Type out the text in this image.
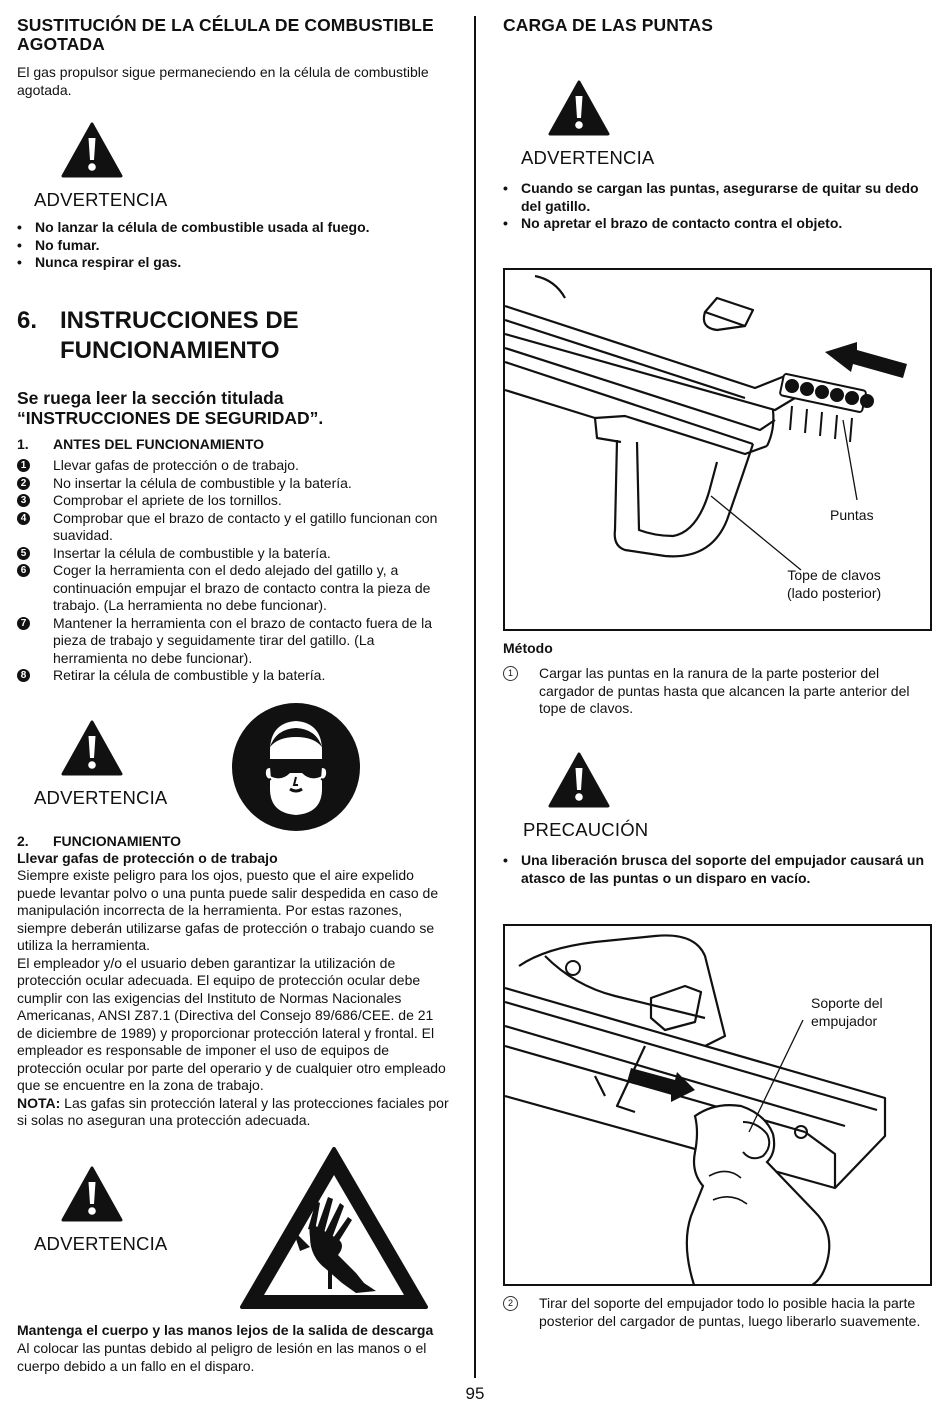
SUSTITUCIÓN DE LA CÉLULA DE COMBUSTIBLE AGOTADA
El gas propulsor sigue permaneciendo en la célula de combustible agotada.
ADVERTENCIA
• No lanzar la célula de combustible usada al fuego.
• No fumar.
• Nunca respirar el gas.
6. INSTRUCCIONES DE
FUNCIONAMIENTO
Se ruega leer la sección titulada “INSTRUCCIONES DE SEGURIDAD”.
1. ANTES DEL FUNCIONAMIENTO
1 Llevar gafas de protección o de trabajo.
2 No insertar la célula de combustible y la batería.
3 Comprobar el apriete de los tornillos.
4 Comprobar que el brazo de contacto y el gatillo funcionan con suavidad.
5 Insertar la célula de combustible y la batería.
6 Coger la herramienta con el dedo alejado del gatillo y, a continuación empujar el brazo de contacto contra la pieza de trabajo. (La herramienta no debe funcionar).
7 Mantener la herramienta con el brazo de contacto fuera de la pieza de trabajo y seguidamente tirar del gatillo. (La herramienta no debe funcionar).
8 Retirar la célula de combustible y la batería.
ADVERTENCIA
2. FUNCIONAMIENTO
Llevar gafas de protección o de trabajo
Siempre existe peligro para los ojos, puesto que el aire expelido puede levantar polvo o una punta puede salir despedida en caso de manipulación incorrecta de la herramienta. Por estas razones, siempre deberán utilizarse gafas de protección o trabajo cuando se utiliza la herramienta.
El empleador y/o el usuario deben garantizar la utilización de protección ocular adecuada. El equipo de protección ocular debe cumplir con las exigencias del Instituto de Normas Nacionales Americanas, ANSI Z87.1 (Directiva del Consejo 89/686/CEE. de 21 de diciembre de 1989) y proporcionar protección lateral y frontal. El empleador es responsable de imponer el uso de equipos de protección ocular por parte del operario y de cualquier otro empleado que se encuentre en la zona de trabajo.
NOTA: Las gafas sin protección lateral y las protecciones faciales por si solas no aseguran una protección adecuada.
ADVERTENCIA
Mantenga el cuerpo y las manos lejos de la salida de descarga
Al colocar las puntas debido al peligro de lesión en las manos o el cuerpo debido a un fallo en el disparo.
CARGA DE LAS PUNTAS
ADVERTENCIA
• Cuando se cargan las puntas, asegurarse de quitar su dedo del gatillo.
• No apretar el brazo de contacto contra el objeto.
Puntas
Tope de clavos
(lado posterior)
Método
1	Cargar las puntas en la ranura de la parte posterior del cargador de puntas hasta que alcancen la parte anterior del tope de clavos.
PRECAUCIÓN
• Una liberación brusca del soporte del empujador causará un atasco de las puntas o un disparo en vacío.
Soporte del
empujador
2	Tirar del soporte del empujador todo lo posible hacia la parte posterior del cargador de puntas, luego liberarlo suavemente.
95
